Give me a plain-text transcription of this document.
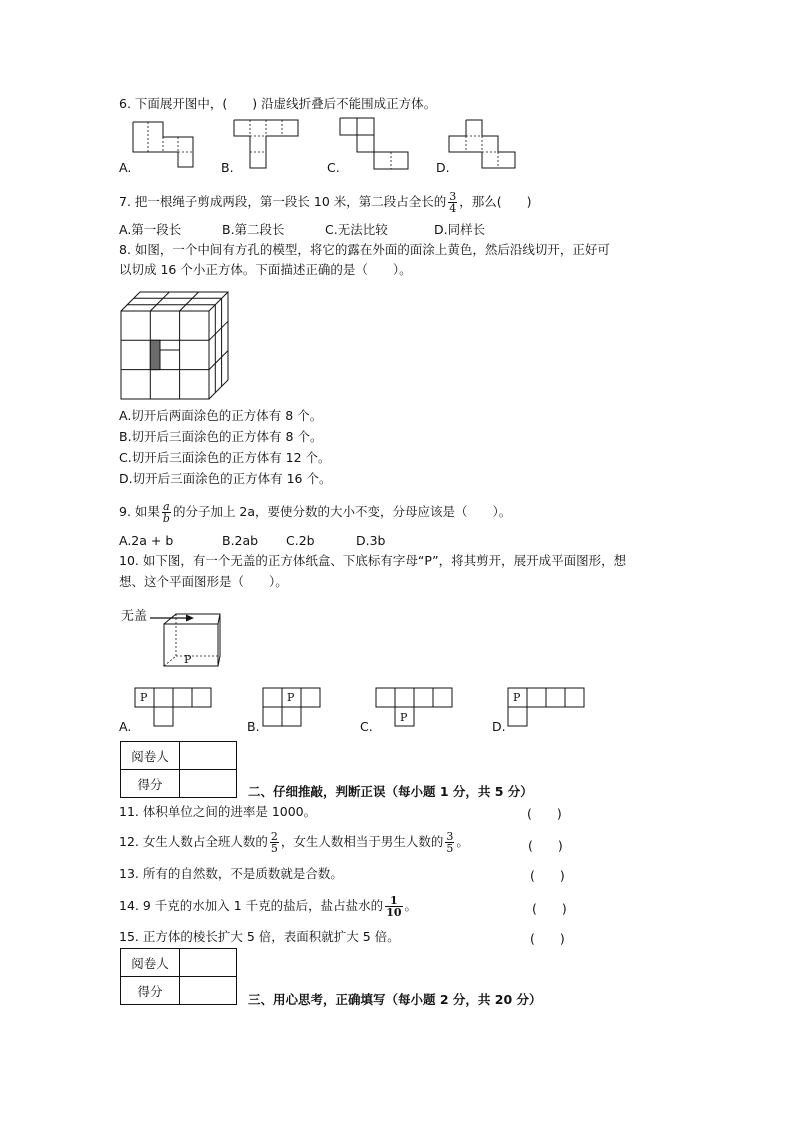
6. 下面展开图中，(　　) 沿虚线折叠后不能围成正方体。
A.	B.	C.	D.
7. 把一根绳子剪成两段，第一段长 10 米，第二段占全长的 $\frac{3}{4}$ ，那么(　　)
A.第一段长	B.第二段长	C.无法比较	D.同样长
8. 如图，一个中间有方孔的模型，将它的露在外面的面涂上黄色，然后沿线切开，正好可
以切成 16 个小正方体。下面描述正确的是（　　）。
A.切开后两面涂色的正方体有 8 个。
B.切开后三面涂色的正方体有 8 个。
C.切开后三面涂色的正方体有 12 个。
D.切开后三面涂色的正方体有 16 个。
9. 如果 $\frac{a}{b}$ 的分子加上 2a，要使分数的大小不变，分母应该是（　　）。
A.2a + b	B.2ab C.2b	D.3b
10. 如下图，有一个无盖的正方体纸盒、下底标有字母“P”，将其剪开，展开成平面图形，想
想、这个平面图形是（　　）。
无盖
P
P
A.
P
B.
P
C.
P
D.
阅卷人	
得分		二、仔细推敲，判断正误（每小题 1 分，共 5 分）
11. 体积单位之间的进率是 1000。	(　　)
12. 女生人数占全班人数的 $\frac{2}{5}$ ，女生人数相当于男生人数的 $\frac{3}{5}$ 。	(　　)
13. 所有的自然数，不是质数就是合数。	(　　)
14. 9 千克的水加入 1 千克的盐后，盐占盐水的 $\frac{1}{10}$ 。	(　　)
15. 正方体的棱长扩大 5 倍，表面积就扩大 5 倍。	(　　)
阅卷人	
得分	
三、用心思考，正确填写（每小题 2 分，共 20 分）
